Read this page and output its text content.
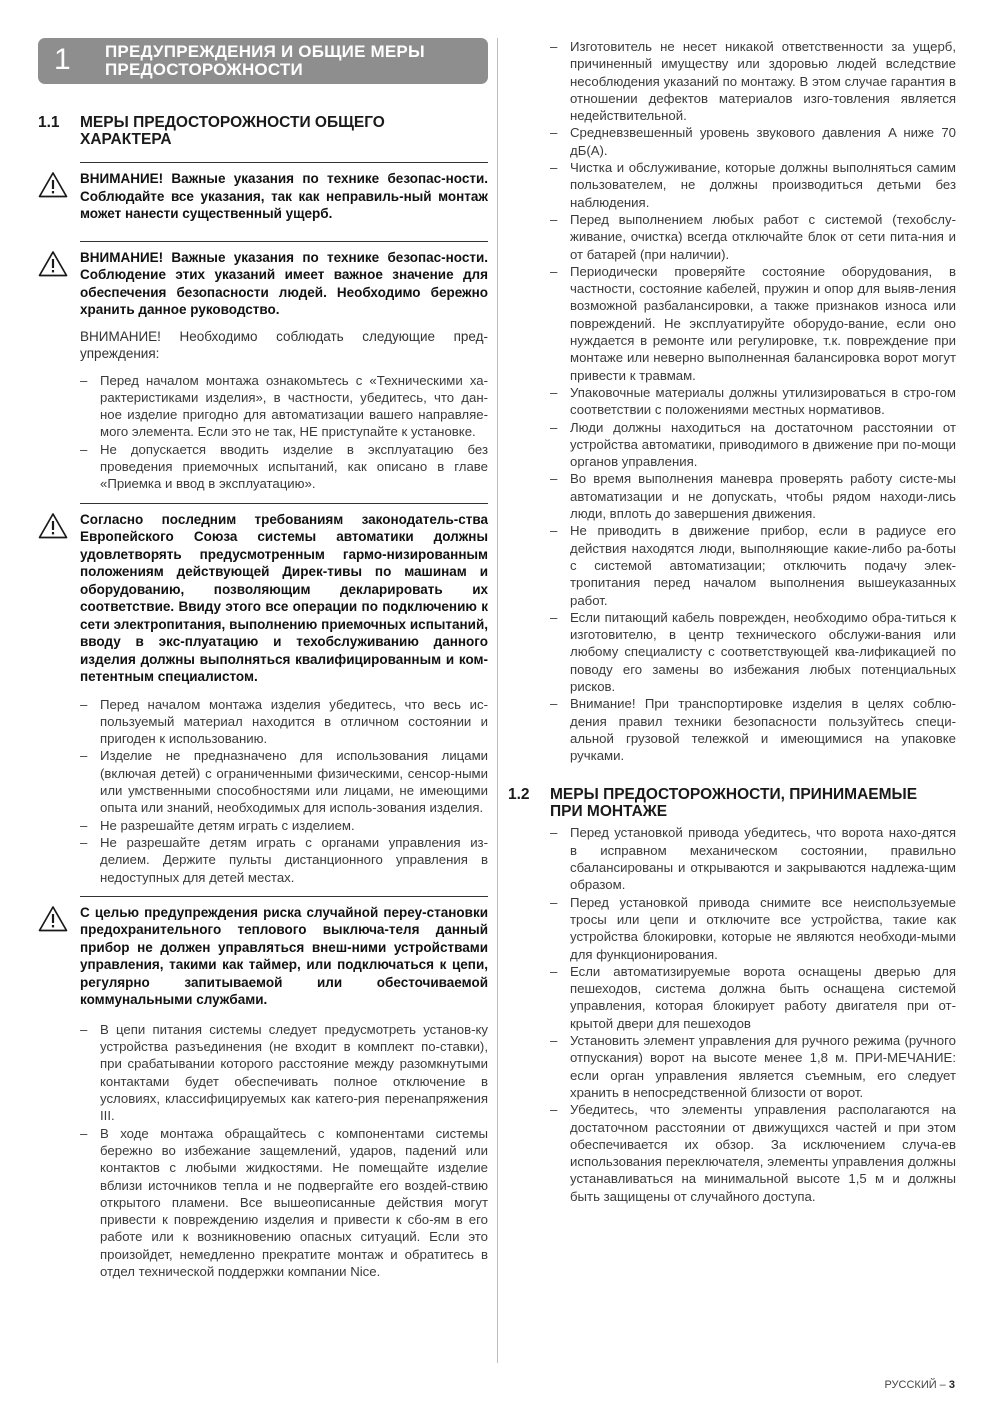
1 ПРЕДУПРЕЖДЕНИЯ И ОБЩИЕ МЕРЫ
ПРЕДОСТОРОЖНОСТИ
1.1	МЕРЫ ПРЕДОСТОРОЖНОСТИ ОБЩЕГО
ХАРАКТЕРА
ВНИМАНИЕ! Важные указания по технике безопас-ности. Соблюдайте все указания, так как неправиль-ный монтаж может нанести существенный ущерб.
ВНИМАНИЕ! Важные указания по технике безопас-ности. Соблюдение этих указаний имеет важное значение для обеспечения безопасности людей. Необходимо бережно хранить данное руководство.
ВНИМАНИЕ! Необходимо соблюдать следующие пред-упреждения:
– Перед началом монтажа ознакомьтесь с «Техническими ха-рактеристиками изделия», в частности, убедитесь, что дан-ное изделие пригодно для автоматизации вашего направляе-мого элемента. Если это не так, НЕ приступайте к установке.
– Не допускается вводить изделие в эксплуатацию без проведения приемочных испытаний, как описано в главе «Приемка и ввод в эксплуатацию».
Согласно последним требованиям законодатель-ства Европейского Союза системы автоматики должны удовлетворять предусмотренным гармо-низированным положениям действующей Дирек-тивы по машинам и оборудованию, позволяющим декларировать их соответствие. Ввиду этого все операции по подключению к сети электропитания, выполнению приемочных испытаний, вводу в экс-плуатацию и техобслуживанию данного изделия должны выполняться квалифицированным и ком-петентным специалистом.
– Перед началом монтажа изделия убедитесь, что весь ис-пользуемый материал находится в отличном состоянии и пригоден к использованию.
– Изделие не предназначено для использования лицами (включая детей) с ограниченными физическими, сенсор-ными или умственными способностями или лицами, не имеющими опыта или знаний, необходимых для исполь-зования изделия.
– Не разрешайте детям играть с изделием.
– Не разрешайте детям играть с органами управления из-делием. Держите пульты дистанционного управления в недоступных для детей местах.
С целью предупреждения риска случайной переу-становки предохранительного теплового выключа-теля данный прибор не должен управляться внеш-ними устройствами управления, такими как таймер, или подключаться к цепи, регулярно запитываемой или обесточиваемой коммунальными службами.
– В цепи питания системы следует предусмотреть установ-ку устройства разъединения (не входит в комплект по-ставки), при срабатывании которого расстояние между разомкнутыми контактами будет обеспечивать полное отключение в условиях, классифицируемых как катего-рия перенапряжения III.
– В ходе монтажа обращайтесь с компонентами системы бережно во избежание защемлений, ударов, падений или контактов с любыми жидкостями. Не помещайте изделие вблизи источников тепла и не подвергайте его воздей-ствию открытого пламени. Все вышеописанные действия могут привести к повреждению изделия и привести к сбо-ям в его работе или к возникновению опасных ситуаций. Если это произойдет, немедленно прекратите монтаж и обратитесь в отдел технической поддержки компании Nice.
– Изготовитель не несет никакой ответственности за ущерб, причиненный имуществу или здоровью людей вследствие несоблюдения указаний по монтажу. В этом случае гарантия в отношении дефектов материалов изго-товления является недействительной.
– Средневзвешенный уровень звукового давления A ниже 70 дБ(A).
– Чистка и обслуживание, которые должны выполняться самим пользователем, не должны производиться детьми без наблюдения.
– Перед выполнением любых работ с системой (техобслу-живание, очистка) всегда отключайте блок от сети пита-ния и от батарей (при наличии).
– Периодически проверяйте состояние оборудования, в частности, состояние кабелей, пружин и опор для выяв-ления возможной разбалансировки, а также признаков износа или повреждений. Не эксплуатируйте оборудо-вание, если оно нуждается в ремонте или регулировке, т.к. повреждение при монтаже или неверно выполненная балансировка ворот могут привести к травмам.
– Упаковочные материалы должны утилизироваться в стро-гом соответствии с положениями местных нормативов.
– Люди должны находиться на достаточном расстоянии от устройства автоматики, приводимого в движение при по-мощи органов управления.
– Во время выполнения маневра проверять работу систе-мы автоматизации и не допускать, чтобы рядом находи-лись люди, вплоть до завершения движения.
– Не приводить в движение прибор, если в радиусе его действия находятся люди, выполняющие какие-либо ра-боты с системой автоматизации; отключить подачу элек-тропитания перед началом выполнения вышеуказанных работ.
– Если питающий кабель поврежден, необходимо обра-титься к изготовителю, в центр технического обслужи-вания или любому специалисту с соответствующей ква-лификацией по поводу его замены во избежания любых потенциальных рисков.
– Внимание! При транспортировке изделия в целях соблю-дения правил техники безопасности пользуйтесь специ-альной грузовой тележкой и имеющимися на упаковке ручками.
1.2	МЕРЫ ПРЕДОСТОРОЖНОСТИ, ПРИНИМАЕМЫЕ
ПРИ МОНТАЖЕ
– Перед установкой привода убедитесь, что ворота нахо-дятся в исправном механическом состоянии, правильно сбалансированы и открываются и закрываются надлежа-щим образом.
– Перед установкой привода снимите все неиспользуемые тросы или цепи и отключите все устройства, такие как устройства блокировки, которые не являются необходи-мыми для функционирования.
– Если автоматизируемые ворота оснащены дверью для пешеходов, система должна быть оснащена системой управления, которая блокирует работу двигателя при от-крытой двери для пешеходов
– Установить элемент управления для ручного режима (ручного отпускания) ворот на высоте менее 1,8 м. ПРИ-МЕЧАНИЕ: если орган управления является съемным, его следует хранить в непосредственной близости от ворот.
– Убедитесь, что элементы управления располагаются на достаточном расстоянии от движущихся частей и при этом обеспечивается их обзор. За исключением случа-ев использования переключателя, элементы управления должны устанавливаться на минимальной высоте 1,5 м и должны быть защищены от случайного доступа.
РУССКИЙ – 3
